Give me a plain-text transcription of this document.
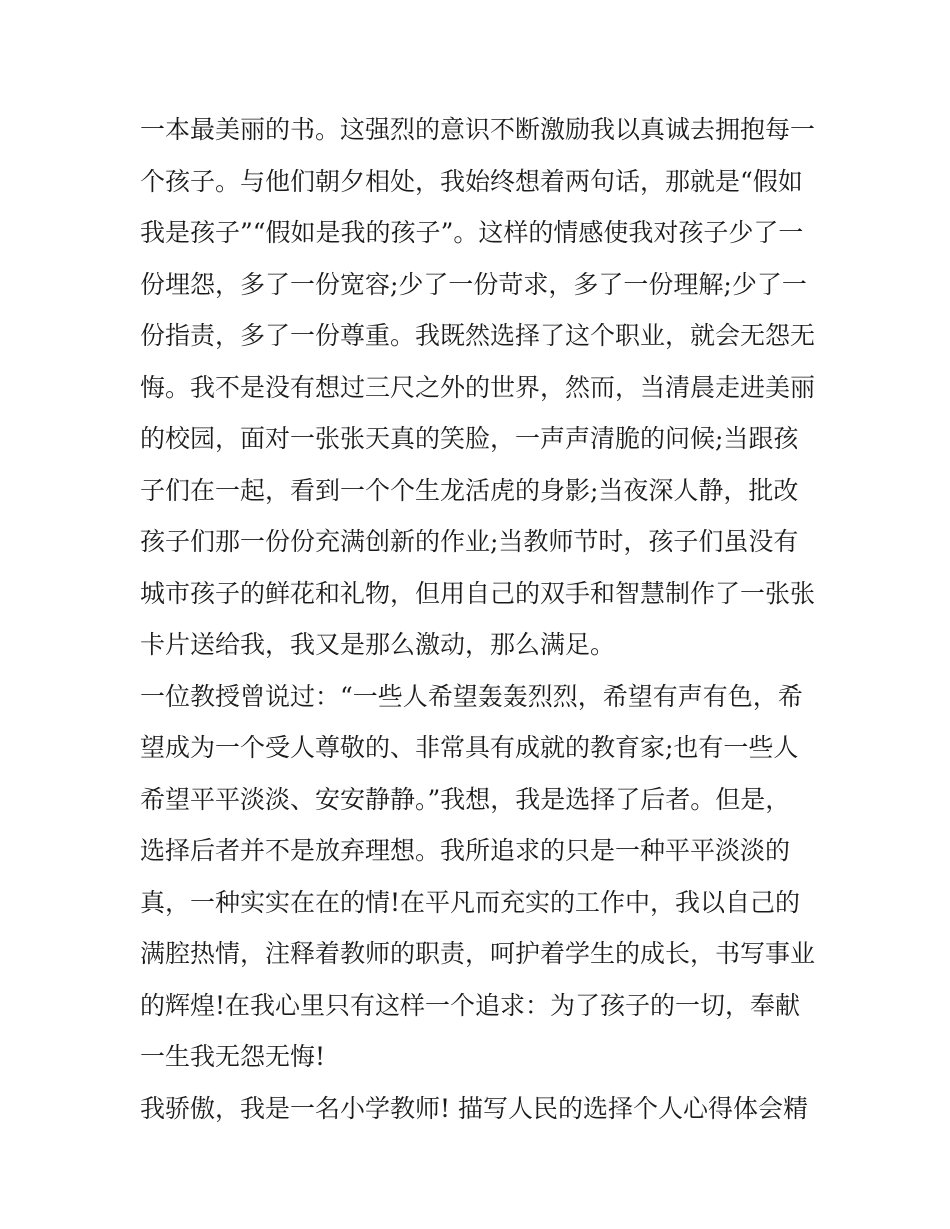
一本最美丽的书。这强烈的意识不断激励我以真诚去拥抱每一
个孩子。与他们朝夕相处，我始终想着两句话，那就是“假如
我是孩子”“假如是我的孩子”。这样的情感使我对孩子少了一
份埋怨，多了一份宽容;少了一份苛求，多了一份理解;少了一
份指责，多了一份尊重。我既然选择了这个职业，就会无怨无
悔。我不是没有想过三尺之外的世界，然而，当清晨走进美丽
的校园，面对一张张天真的笑脸，一声声清脆的问候;当跟孩
子们在一起，看到一个个生龙活虎的身影;当夜深人静，批改
孩子们那一份份充满创新的作业;当教师节时，孩子们虽没有
城市孩子的鲜花和礼物，但用自己的双手和智慧制作了一张张
卡片送给我，我又是那么激动，那么满足。
一位教授曾说过：“一些人希望轰轰烈烈，希望有声有色，希
望成为一个受人尊敬的、非常具有成就的教育家;也有一些人
希望平平淡淡、安安静静。”我想，我是选择了后者。但是，
选择后者并不是放弃理想。我所追求的只是一种平平淡淡的
真，一种实实在在的情!在平凡而充实的工作中，我以自己的
满腔热情，注释着教师的职责，呵护着学生的成长，书写事业
的辉煌!在我心里只有这样一个追求：为了孩子的一切，奉献
一生我无怨无悔!
我骄傲，我是一名小学教师! 描写人民的选择个人心得体会精
